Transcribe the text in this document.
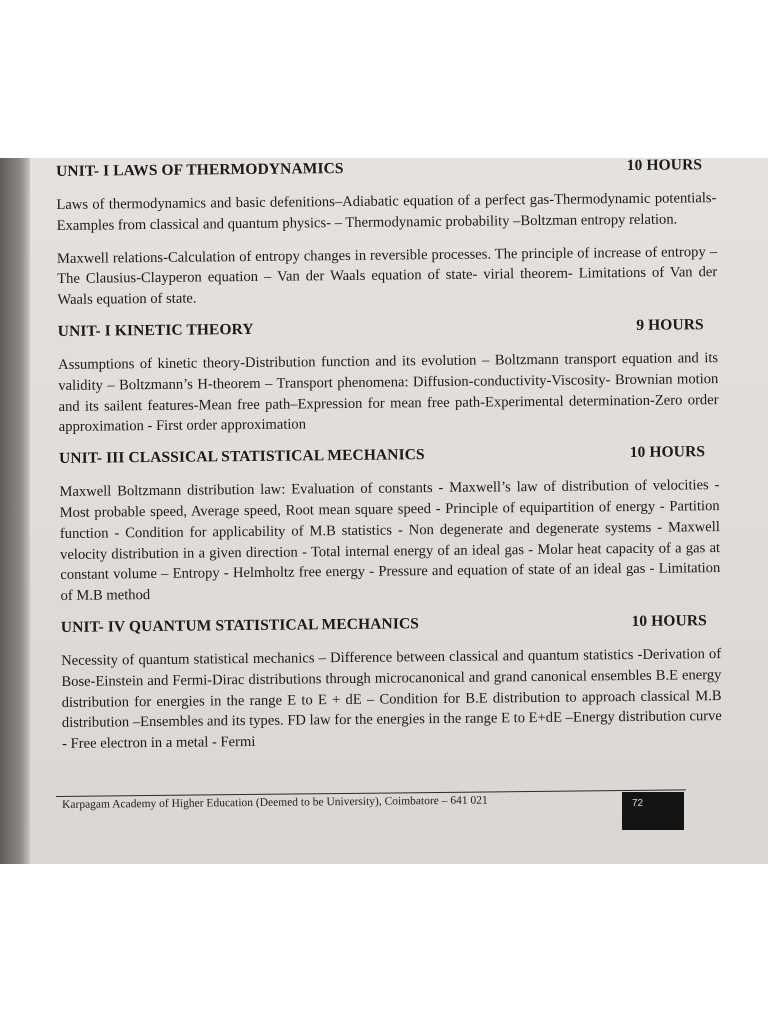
UNIT- I LAWS OF THERMODYNAMICS	10 HOURS

Laws of thermodynamics and basic defenitions–Adiabatic equation of a perfect gas-Thermodynamic potentials- Examples from classical and quantum physics- – Thermodynamic probability –Boltzman entropy relation.

Maxwell relations-Calculation of entropy changes in reversible processes. The principle of increase of entropy – The Clausius-Clayperon equation – Van der Waals equation of state- virial theorem- Limitations of Van der Waals equation of state.

UNIT- I KINETIC THEORY	9 HOURS

Assumptions of kinetic theory-Distribution function and its evolution – Boltzmann transport equation and its validity – Boltzmann’s H-theorem – Transport phenomena: Diffusion-conductivity-Viscosity- Brownian motion and its sailent features-Mean free path–Expression for mean free path-Experimental determination-Zero order approximation - First order approximation

UNIT- III CLASSICAL STATISTICAL MECHANICS	10 HOURS

Maxwell Boltzmann distribution law: Evaluation of constants - Maxwell’s law of distribution of velocities - Most probable speed, Average speed, Root mean square speed - Principle of equipartition of energy - Partition function - Condition for applicability of M.B statistics - Non degenerate and degenerate systems - Maxwell velocity distribution in a given direction - Total internal energy of an ideal gas - Molar heat capacity of a gas at constant volume – Entropy - Helmholtz free energy - Pressure and equation of state of an ideal gas - Limitation of M.B method

UNIT- IV QUANTUM STATISTICAL MECHANICS	10 HOURS

Necessity of quantum statistical mechanics – Difference between classical and quantum statistics -Derivation of Bose-Einstein and Fermi-Dirac distributions through microcanonical and grand canonical ensembles B.E energy distribution for energies in the range E to E + dE – Condition for B.E distribution to approach classical M.B distribution –Ensembles and its types. FD law for the energies in the range E to E+dE –Energy distribution curve - Free electron in a metal - Fermi

Karpagam Academy of Higher Education (Deemed to be University), Coimbatore – 641 021	72
